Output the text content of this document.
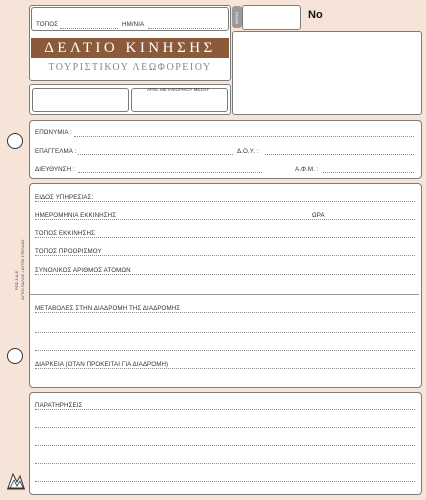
ΡΟΣ.4.Α.Ε. ΑΥΤΟΙ ΠΑΛΗΣ • ΑΥΤΟΙ ΣΤΕΛΛΑΣ
ΤΟΠΟΣ	ΗΜ/ΝΙΑ
ΔΕΛΤΙΟ ΚΙΝΗΣΗΣ
ΤΟΥΡΙΣΤΙΚΟΥ ΛΕΩΦΟΡΕΙΟΥ
ΑΡΙΘ. ΜΕΤΑΦΟΡΙΚΟΥ ΜΕΣΟΥ
ΜΟΝΟ	Νο
ΕΠΩΝΥΜΙΑ :
ΕΠΑΓΓΕΛΜΑ :	Δ.Ο.Υ. :
ΔΙΕΥΘΥΝΣΗ :	Α.Φ.Μ. :
ΕΙΔΟΣ ΥΠΗΡΕΣΙΑΣ:
ΗΜΕΡΟΜΗΝΙΑ ΕΚΚΙΝΗΣΗΣ	ΩΡΑ
ΤΟΠΟΣ ΕΚΚΙΝΗΣΗΣ
ΤΟΠΟΣ ΠΡΟΟΡΙΣΜΟΥ
ΣΥΝΟΛΙΚΟΣ ΑΡΙΘΜΟΣ ΑΤΟΜΩΝ
ΜΕΤΑΒΟΛΕΣ ΣΤΗΝ ΔΙΑΔΡΟΜΗ ΤΗΣ ΔΙΑΔΡΟΜΗΣ
ΔΙΑΡΚΕΙΑ (ΟΤΑΝ ΠΡΟΚΕΙΤΑΙ ΓΙΑ ΔΙΑΔΡΟΜΗ)
ΠΑΡΑΤΗΡΗΣΕΙΣ
